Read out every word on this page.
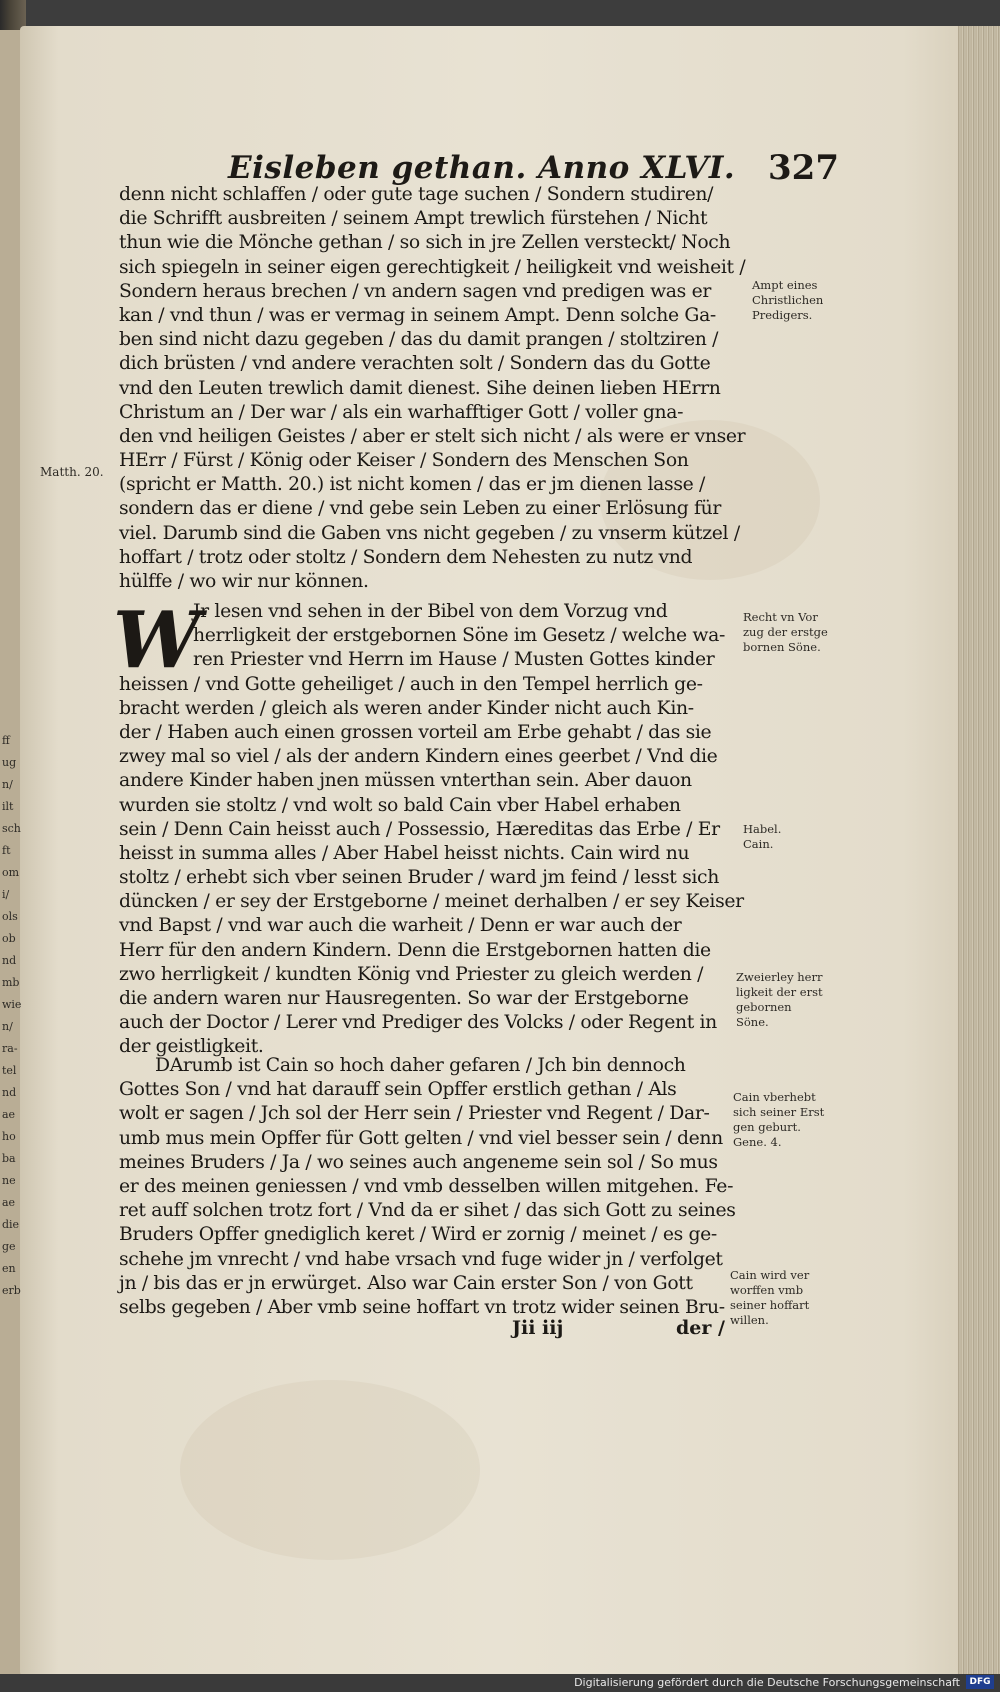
ff
ug
n/
ilt
sch
ft
om
i/
ols
ob
nd
mb
wie
n/
ra-
tel
nd
ae
ho
ba
ne
ae
die
ge
en
erb
Eisleben gethan. Anno XLVI. 327
denn nicht schlaffen / oder gute tage suchen / Sondern studiren/
die Schrifft ausbreiten / seinem Ampt trewlich fürstehen / Nicht
thun wie die Mönche gethan / so sich in jre Zellen versteckt/ Noch
sich spiegeln in seiner eigen gerechtigkeit / heiligkeit vnd weisheit /
Sondern heraus brechen / vn andern sagen vnd predigen was er
kan / vnd thun / was er vermag in seinem Ampt. Denn solche Ga-
ben sind nicht dazu gegeben / das du damit prangen / stoltziren /
dich brüsten / vnd andere verachten solt / Sondern das du Gotte
vnd den Leuten trewlich damit dienest. Sihe deinen lieben HErrn
Christum an / Der war / als ein warhafftiger Gott / voller gna-
den vnd heiligen Geistes / aber er stelt sich nicht / als were er vnser
HErr / Fürst / König oder Keiser / Sondern des Menschen Son
(spricht er Matth. 20.) ist nicht komen / das er jm dienen lasse /
sondern das er diene / vnd gebe sein Leben zu einer Erlösung für
viel. Darumb sind die Gaben vns nicht gegeben / zu vnserm kützel /
hoffart / trotz oder stoltz / Sondern dem Nehesten zu nutz vnd
hülffe / wo wir nur können.
W
Jr lesen vnd sehen in der Bibel von dem Vorzug vnd
herrligkeit der erstgebornen Söne im Gesetz / welche wa-
ren Priester vnd Herrn im Hause / Musten Gottes kinder
heissen / vnd Gotte geheiliget / auch in den Tempel herrlich ge-
bracht werden / gleich als weren ander Kinder nicht auch Kin-
der / Haben auch einen grossen vorteil am Erbe gehabt / das sie
zwey mal so viel / als der andern Kindern eines geerbet / Vnd die
andere Kinder haben jnen müssen vnterthan sein. Aber dauon
wurden sie stoltz / vnd wolt so bald Cain vber Habel erhaben
sein / Denn Cain heisst auch / Possessio, Hæreditas das Erbe / Er
heisst in summa alles / Aber Habel heisst nichts. Cain wird nu
stoltz / erhebt sich vber seinen Bruder / ward jm feind / lesst sich
düncken / er sey der Erstgeborne / meinet derhalben / er sey Keiser
vnd Bapst / vnd war auch die warheit / Denn er war auch der
Herr für den andern Kindern. Denn die Erstgebornen hatten die
zwo herrligkeit / kundten König vnd Priester zu gleich werden /
die andern waren nur Hausregenten. So war der Erstgeborne
auch der Doctor / Lerer vnd Prediger des Volcks / oder Regent in
der geistligkeit.
DArumb ist Cain so hoch daher gefaren / Jch bin dennoch
Gottes Son / vnd hat darauff sein Opffer erstlich gethan / Als
wolt er sagen / Jch sol der Herr sein / Priester vnd Regent / Dar-
umb mus mein Opffer für Gott gelten / vnd viel besser sein / denn
meines Bruders / Ja / wo seines auch angeneme sein sol / So mus
er des meinen geniessen / vnd vmb desselben willen mitgehen. Fe-
ret auff solchen trotz fort / Vnd da er sihet / das sich Gott zu seines
Bruders Opffer gnediglich keret / Wird er zornig / meinet / es ge-
schehe jm vnrecht / vnd habe vrsach vnd fuge wider jn / verfolget
jn / bis das er jn erwürget. Also war Cain erster Son / von Gott
selbs gegeben / Aber vmb seine hoffart vn trotz wider seinen Bru-
Jii iij	der /
Matth. 20.
Ampt eines
Christlichen
Predigers.
Recht vn Vor
zug der erstge
bornen Söne.
Habel.
Cain.
Zweierley herr
ligkeit der erst
gebornen
Söne.
Cain vberhebt
sich seiner Erst
gen geburt.
Gene. 4.
Cain wird ver
worffen vmb
seiner hoffart
willen.
Digitalisierung gefördert durch die Deutsche Forschungsgemeinschaft	DFG
